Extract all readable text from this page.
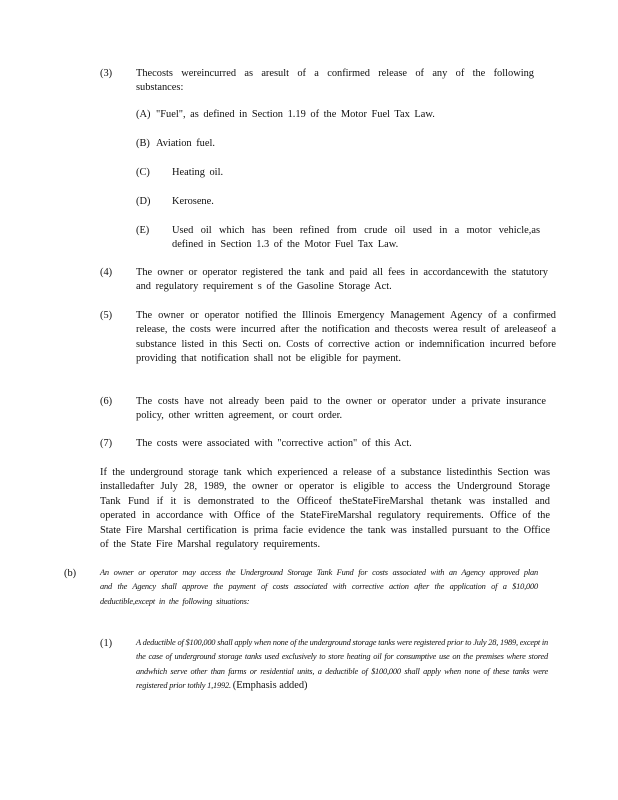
(3) Thecosts wereincurred as aresult of a confirmed release of any of the following substances:
(A) "Fuel", as defined in Section 1.19 of the Motor Fuel Tax Law.
(B) Aviation fuel.
(C) Heating oil.
(D) Kerosene.
(E) Used oil which has been refined from crude oil used in a motor vehicle,as defined in Section 1.3 of the Motor Fuel Tax Law.
(4) The owner or operator registered the tank and paid all fees in accordancewith the statutory and regulatory requirement s of the Gasoline Storage Act.
(5) The owner or operator notified the Illinois Emergency Management Agency of a confirmed release, the costs were incurred after the notification and thecosts werea result of areleaseof a substance listed in this Secti on. Costs of corrective action or indemnification incurred before providing that notification shall not be eligible for payment.
(6) The costs have not already been paid to the owner or operator under a private insurance policy, other written agreement, or court order.
(7) The costs were associated with "corrective action" of this Act.
If the underground storage tank which experienced a release of a substance listedinthis Section was installedafter July 28, 1989, the owner or operator is eligible to access the Underground Storage Tank Fund if it is demonstrated to the Officeof theStateFireMarshal thetank was installed and operated in accordance with Office of the StateFireMarshal regulatory requirements. Office of the State Fire Marshal certification is prima facie evidence the tank was installed pursuant to the Office of the State Fire Marshal regulatory requirements.
(b)	An owner or operator may access the Underground Storage Tank Fund for costs associated with an Agency approved plan and the Agency shall approve the payment of costs associated with corrective action after the application of a $10,000 deductible,except in the following situations:
(1)	A deductible of $100,000 shall apply when none of the underground storage tanks were registered prior to July 28, 1989, except in the case of underground storage tanks used exclusively to store heating oil for consumptive use on the premises where stored andwhich serve other than farms or residential units, a deductible of $100,000 shall apply when none of these tanks were registered prior tothly 1,1992. (Emphasis added)
